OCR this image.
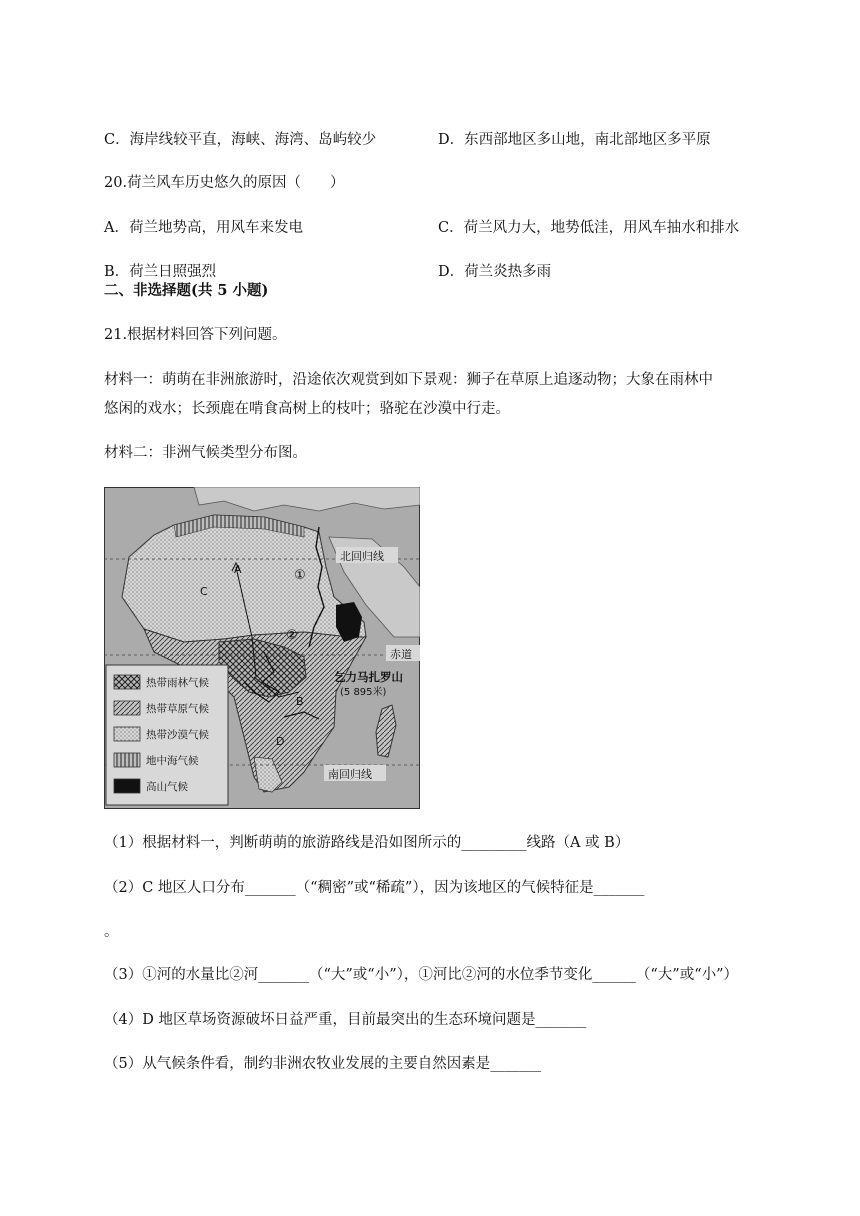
C．海岸线较平直，海峡、海湾、岛屿较少	D．东西部地区多山地，南北部地区多平原
20.荷兰风车历史悠久的原因（　　）
A．荷兰地势高，用风车来发电	C．荷兰风力大，地势低洼，用风车抽水和排水
B．荷兰日照强烈	D．荷兰炎热多雨
二、非选择题(共 5 小题)
21.根据材料回答下列问题。
材料一：萌萌在非洲旅游时，沿途依次观赏到如下景观：狮子在草原上追逐动物；大象在雨林中
悠闲的戏水；长颈鹿在啃食高树上的枝叶；骆驼在沙漠中行走。
材料二：非洲气候类型分布图。
热带雨林气候
热带草原气候
热带沙漠气候
地中海气候
高山气候
北回归线
赤道
南回归线
乞力马扎罗山
(5 895米)
A
B
C
D
①
②
（1）根据材料一，判断萌萌的旅游路线是沿如图所示的_________线路（A 或 B）
（2）C 地区人口分布_______（“稠密”或“稀疏”），因为该地区的气候特征是_______
。
（3）①河的水量比②河_______（“大”或“小”），①河比②河的水位季节变化______（“大”或“小”）
（4）D 地区草场资源破坏日益严重，目前最突出的生态环境问题是_______
（5）从气候条件看，制约非洲农牧业发展的主要自然因素是_______
